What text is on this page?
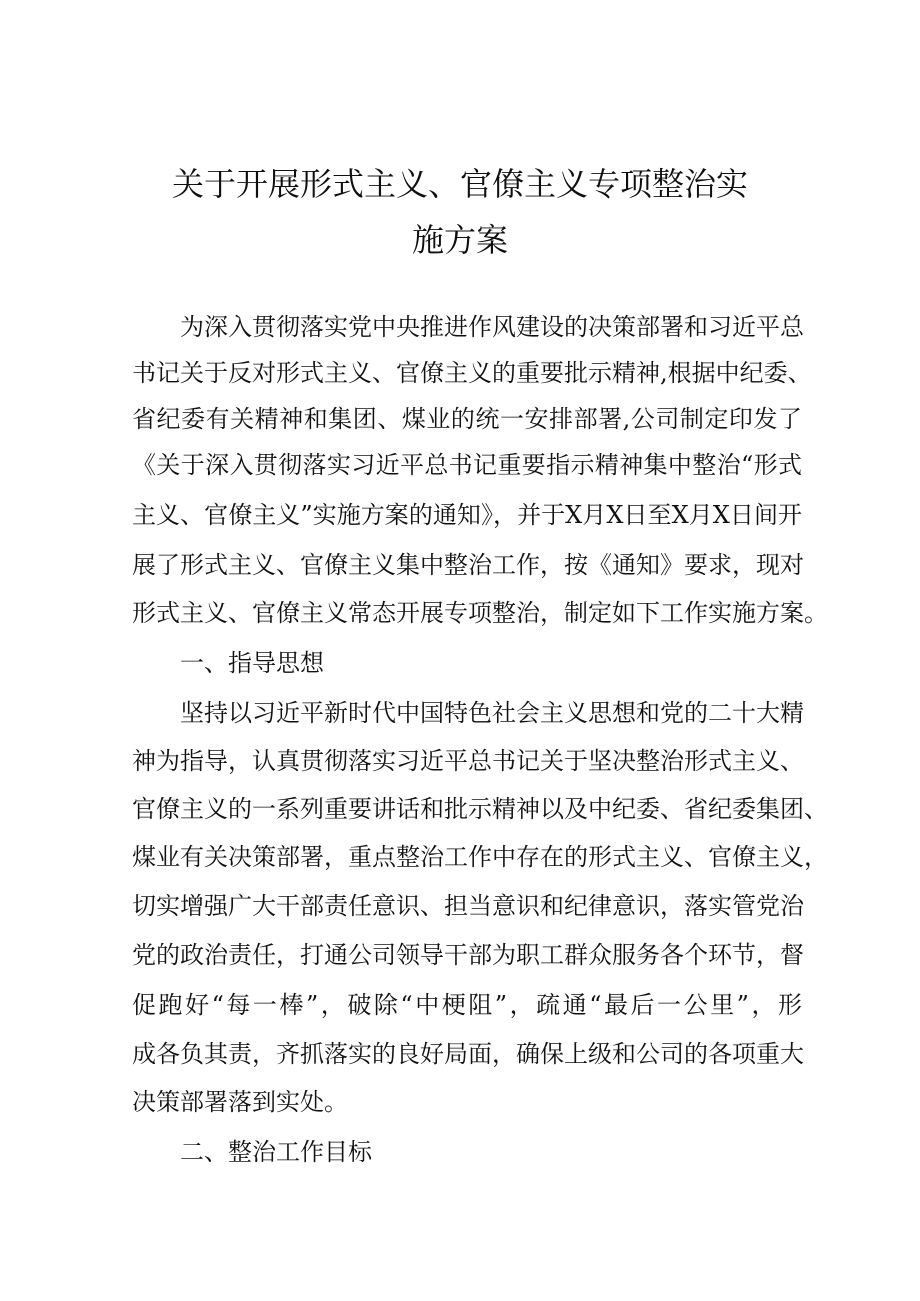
关于开展形式主义、官僚主义专项整治实
施方案
为深入贯彻落实党中央推进作风建设的决策部署和习近平总
书记关于反对形式主义、官僚主义的重要批示精神,根据中纪委、
省纪委有关精神和集团、煤业的统一安排部署,公司制定印发了
《关于深入贯彻落实习近平总书记重要指示精神集中整治“形式
主义、官僚主义”实施方案的通知》，并于X月X日至X月X日间开
展了形式主义、官僚主义集中整治工作，按《通知》要求，现对
形式主义、官僚主义常态开展专项整治，制定如下工作实施方案。
一、指导思想
坚持以习近平新时代中国特色社会主义思想和党的二十大精
神为指导，认真贯彻落实习近平总书记关于坚决整治形式主义、
官僚主义的一系列重要讲话和批示精神以及中纪委、省纪委集团、
煤业有关决策部署，重点整治工作中存在的形式主义、官僚主义，
切实增强广大干部责任意识、担当意识和纪律意识，落实管党治
党的政治责任，打通公司领导干部为职工群众服务各个环节，督
促跑好“每一棒”，破除“中梗阻”，疏通“最后一公里”，形
成各负其责，齐抓落实的良好局面，确保上级和公司的各项重大
决策部署落到实处。
二、整治工作目标
